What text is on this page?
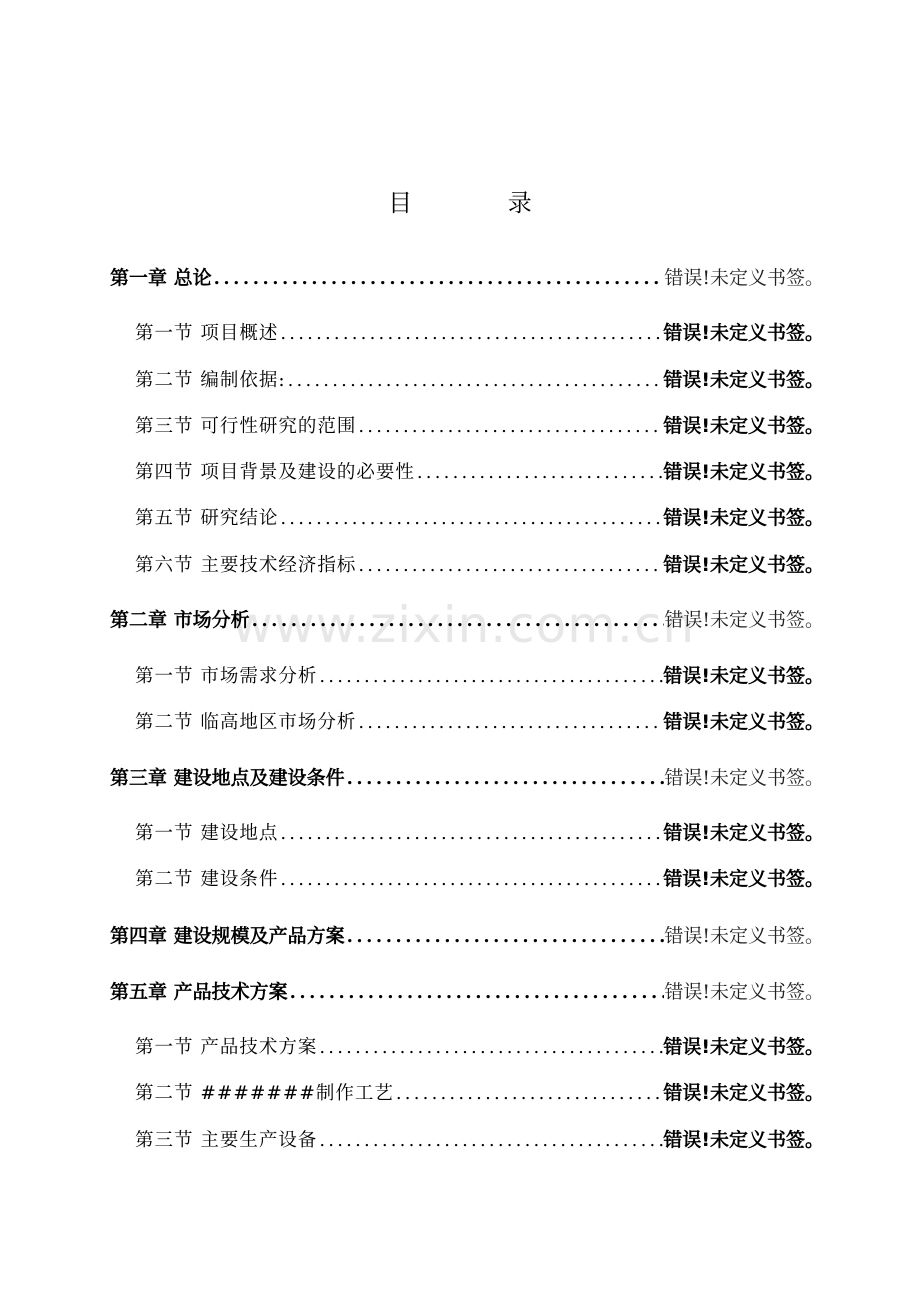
目 录
www.zixin.com.cn
第一章 总论 .....	错误!未定义书签。
第一节 项目概述 .....	错误!未定义书签。
第二节 编制依据: .....	错误!未定义书签。
第三节 可行性研究的范围 .....	错误!未定义书签。
第四节 项目背景及建设的必要性 .....	错误!未定义书签。
第五节 研究结论 .....	错误!未定义书签。
第六节 主要技术经济指标 .....	错误!未定义书签。
第二章 市场分析 .....	错误!未定义书签。
第一节 市场需求分析 .....	错误!未定义书签。
第二节 临高地区市场分析 .....	错误!未定义书签。
第三章 建设地点及建设条件 .....	错误!未定义书签。
第一节 建设地点 .....	错误!未定义书签。
第二节 建设条件 .....	错误!未定义书签。
第四章 建设规模及产品方案 .....	错误!未定义书签。
第五章 产品技术方案 .....	错误!未定义书签。
第一节 产品技术方案 .....	错误!未定义书签。
第二节 #######制作工艺 .....	错误!未定义书签。
第三节 主要生产设备 .....	错误!未定义书签。
